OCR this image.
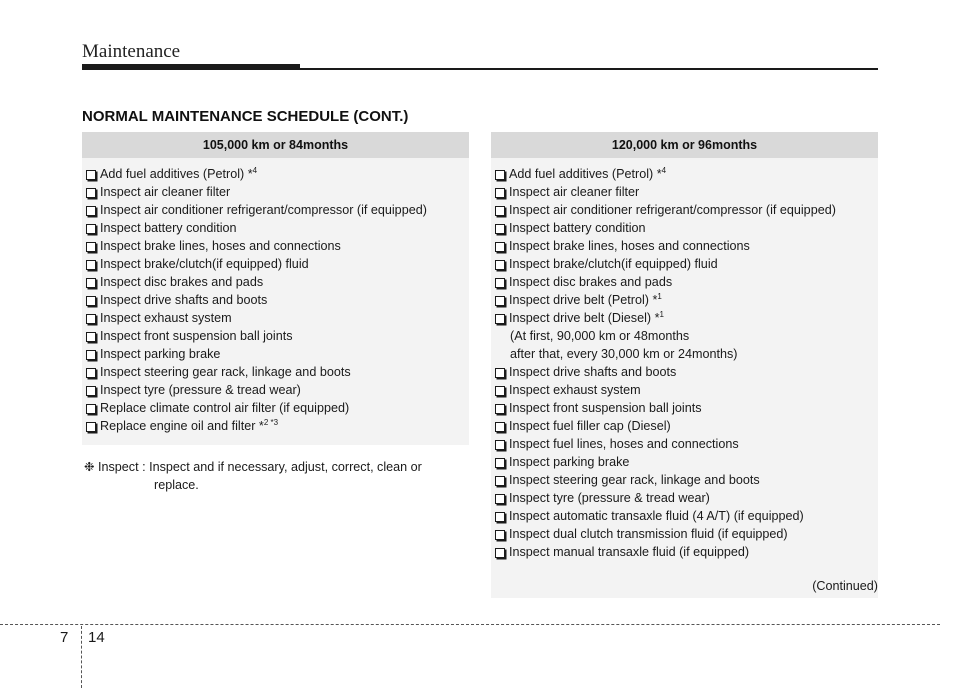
Maintenance
NORMAL MAINTENANCE SCHEDULE (CONT.)
105,000 km or 84months
Add fuel additives (Petrol) *$^4$
Inspect air cleaner filter
Inspect air conditioner refrigerant/compressor (if equipped)
Inspect battery condition
Inspect brake lines, hoses and connections
Inspect brake/clutch(if equipped) fluid
Inspect disc brakes and pads
Inspect drive shafts and boots
Inspect exhaust system
Inspect front suspension ball joints
Inspect parking brake
Inspect steering gear rack, linkage and boots
Inspect tyre (pressure & tread wear)
Replace climate control air filter (if equipped)
Replace engine oil and filter *$^{2 *3}$
❉ Inspect : Inspect and if necessary, adjust, correct, clean or
replace.
120,000 km or 96months
Add fuel additives (Petrol) *$^4$
Inspect air cleaner filter
Inspect air conditioner refrigerant/compressor (if equipped)
Inspect battery condition
Inspect brake lines, hoses and connections
Inspect brake/clutch(if equipped) fluid
Inspect disc brakes and pads
Inspect drive belt (Petrol) *$^1$
Inspect drive belt (Diesel) *$^1$
(At first, 90,000 km or 48months
after that, every 30,000 km or 24months)
Inspect drive shafts and boots
Inspect exhaust system
Inspect front suspension ball joints
Inspect fuel filler cap (Diesel)
Inspect fuel lines, hoses and connections
Inspect parking brake
Inspect steering gear rack, linkage and boots
Inspect tyre (pressure & tread wear)
Inspect automatic transaxle fluid (4 A/T) (if equipped)
Inspect dual clutch transmission fluid (if equipped)
Inspect manual transaxle fluid (if equipped)
(Continued)
7 14
